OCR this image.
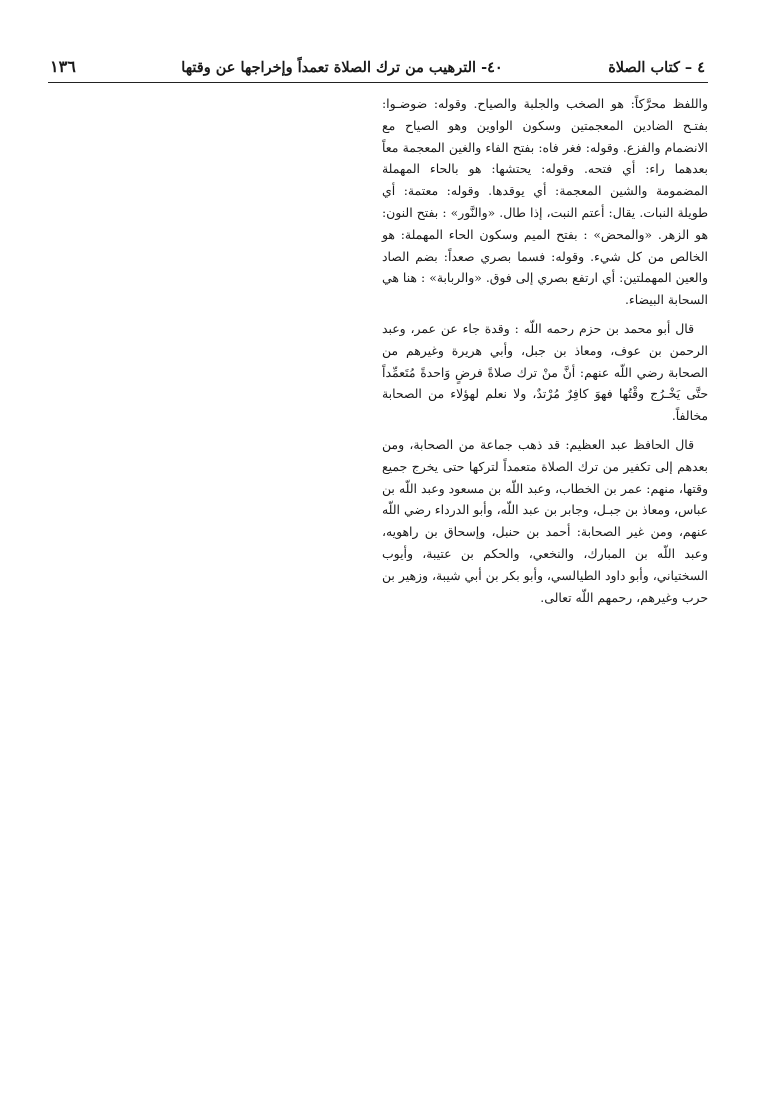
٤ – كتاب الصلاة
٤٠- الترهيب من ترك الصلاة تعمداً وإخراجها عن وقتها
١٣٦

واللفظ محرَّكاً: هو الصخب والجلبة والصياح. وقوله: ضوضـوا: بفتـح الضادين المعجمتين وسكون الواوين وهو الصياح مع الانضمام والفزع. وقوله: فغر فاه: بفتح الفاء والغين المعجمة معاً بعدهما راء: أي فتحه. وقوله: يحتشها: هو بالحاء المهملة المضمومة والشين المعجمة: أي يوقدها. وقوله: معتمة: أي طويلة النبات. يقال: أعتم النبت، إذا طال. «والنَّور» : بفتح النون: هو الزهر. «والمحض» : بفتح الميم وسكون الحاء المهملة: هو الخالص من كل شيء. وقوله: فسما بصري صعداً: بضم الصاد والعين المهملتين: أي ارتفع بصري إلى فوق. «والربابة» : هنا هي السحابة البيضاء.

قال أبو محمد بن حزم رحمه اللّه : وقدة جاء عن عمر، وعبد الرحمن بن عوف، ومعاذ بن جبل، وأبي هريرة وغيرهم من الصحابة رضي اللّه عنهم: أنَّ منْ ترك صلاةً فرضٍ وَاحدةً مُتَعمِّداً حتَّى يَخْـرُج وقْتُها فهوَ كافِرٌ مُرْتدٌ، ولا نعلم لهؤلاء من الصحابة مخالفاً.

قال الحافظ عبد العظيم: قد ذهب جماعة من الصحابة، ومن بعدهم إلى تكفير من ترك الصلاة متعمداً لتركها حتى يخرج جميع وقتها، منهم: عمر بن الخطاب، وعبد اللّه بن مسعود وعبد اللّه بن عباس، ومعاذ بن جبـل، وجابر بن عبد اللّه، وأبو الدرداء رضي اللّه عنهم، ومن غير الصحابة: أحمد بن حنبل، وإسحاق بن راهويه، وعبد اللّه بن المبارك، والنخعي، والحكم بن عتيبة، وأيوب السختياني، وأبو داود الطيالسي، وأبو بكر بن أبي شيبة، وزهير بن حرب وغيرهم، رحمهم اللّه تعالى.
